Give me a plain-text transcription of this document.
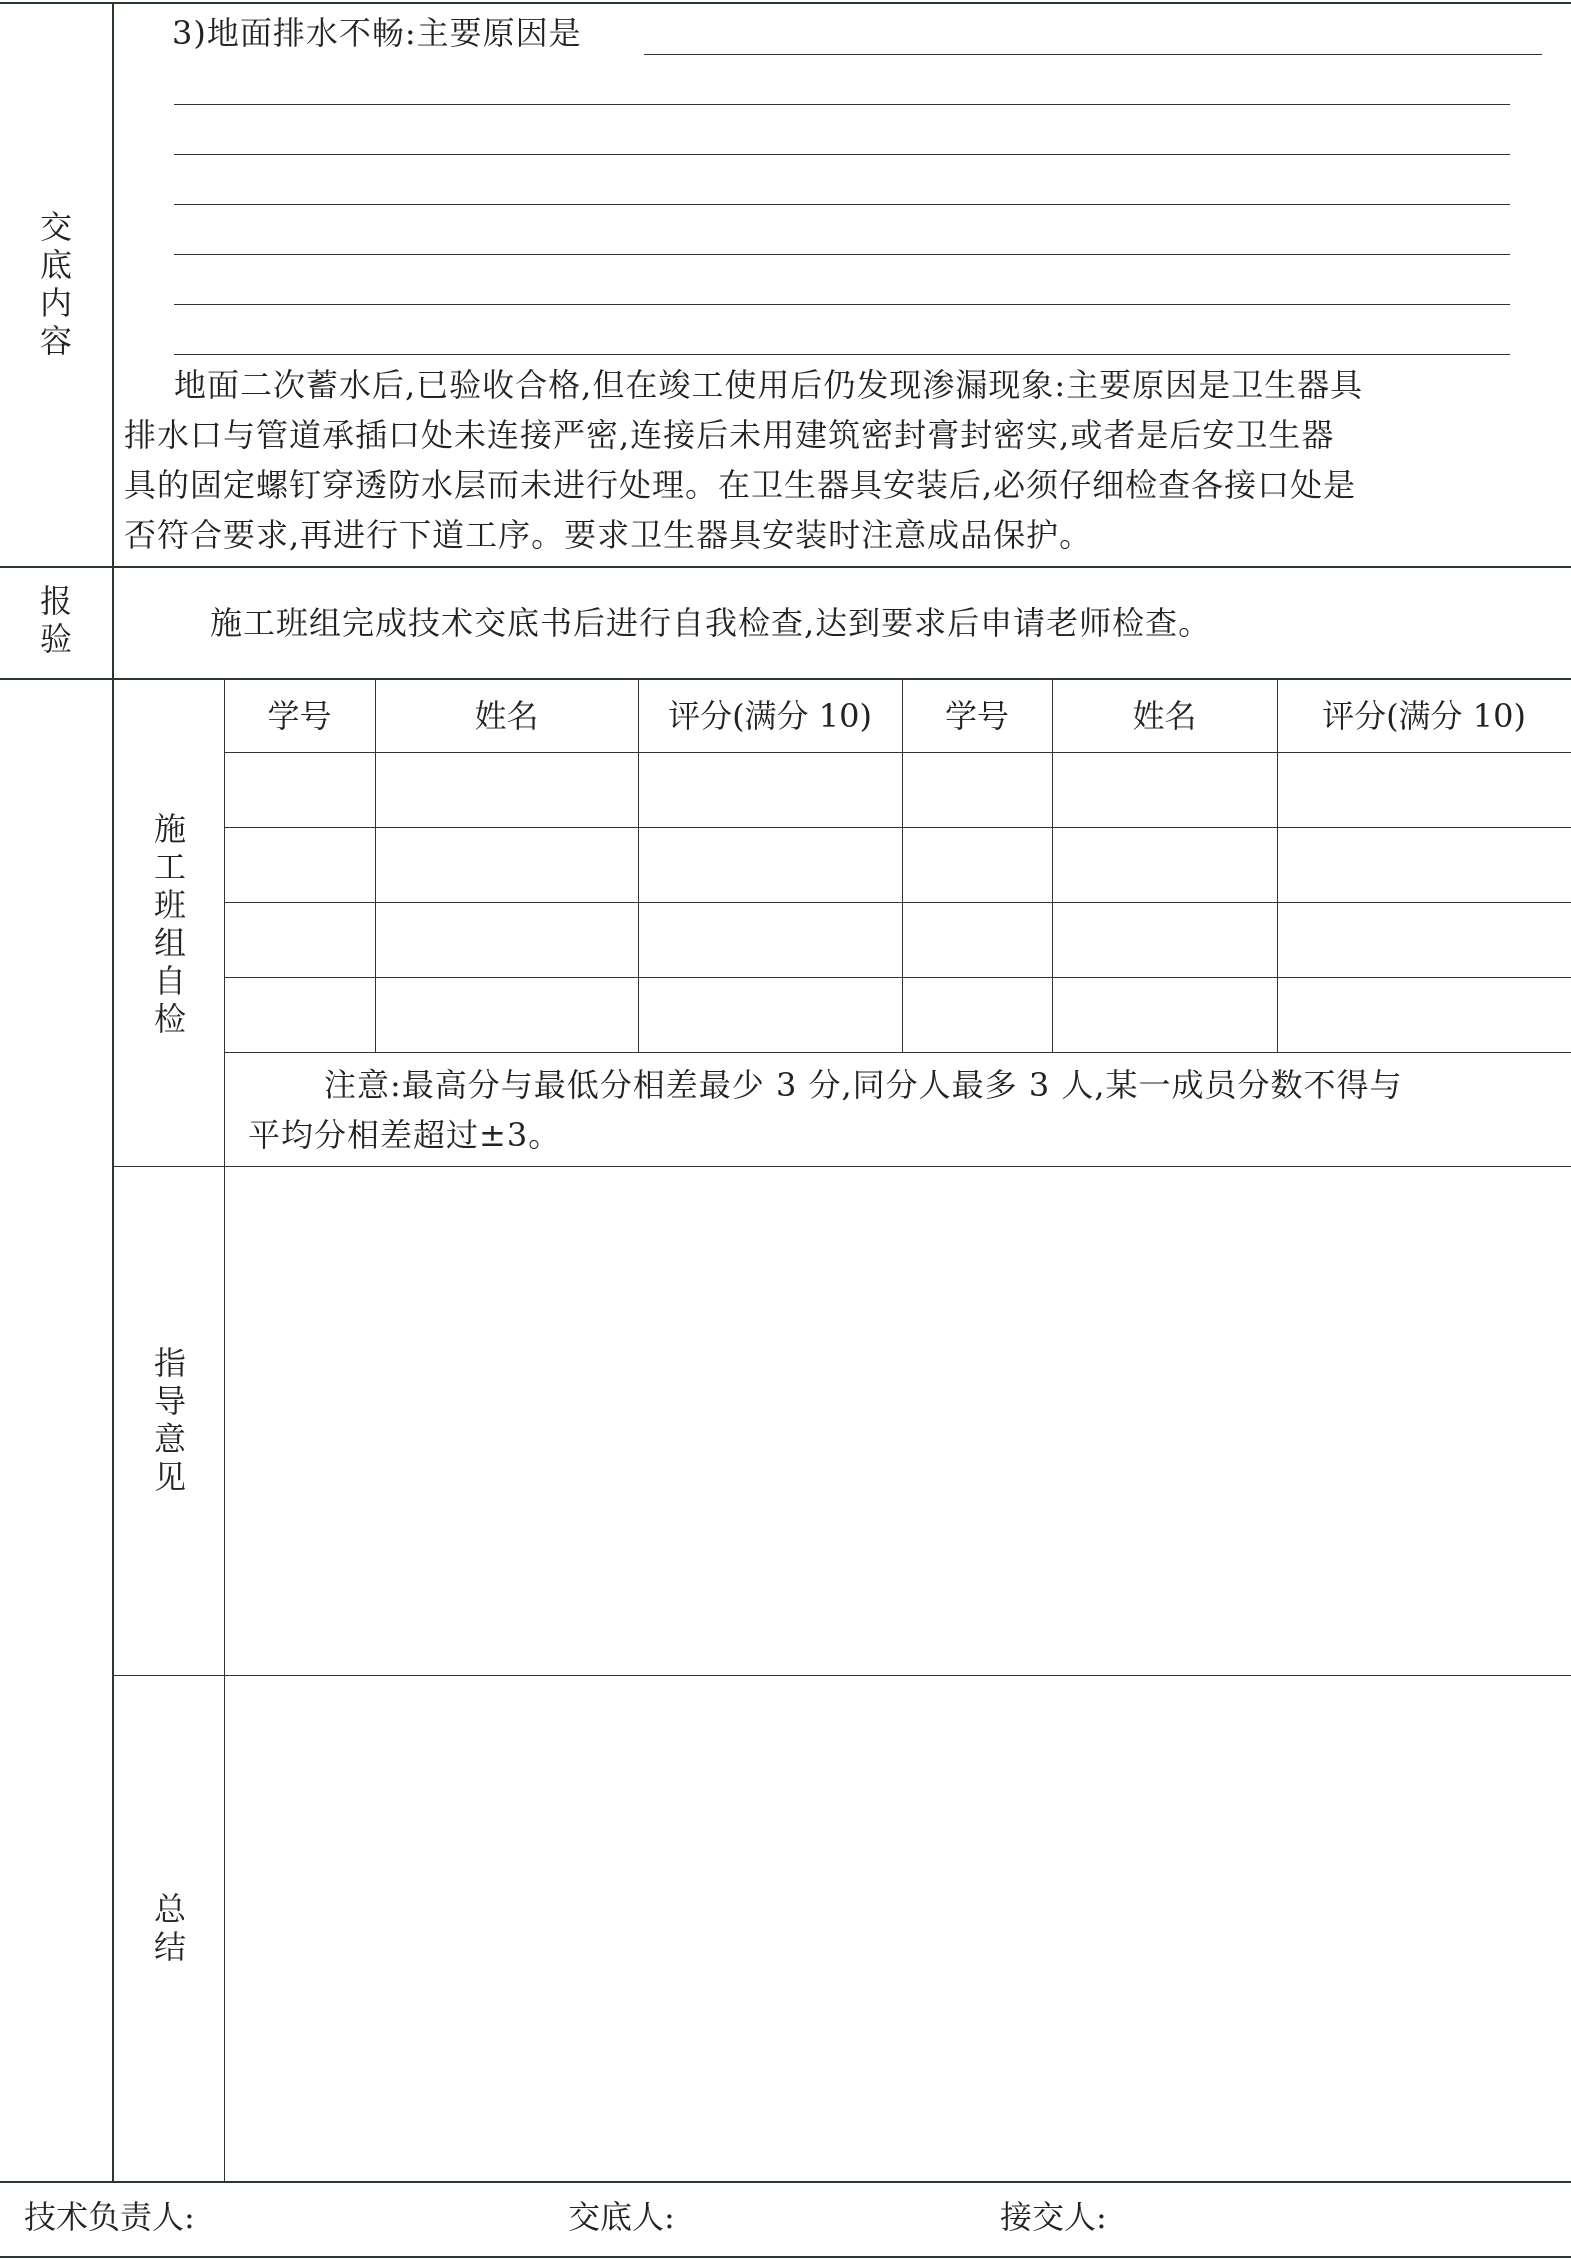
交底内容
3)地面排水不畅:主要原因是
地面二次蓄水后,已验收合格,但在竣工使用后仍发现渗漏现象:主要原因是卫生器具
排水口与管道承插口处未连接严密,连接后未用建筑密封膏封密实,或者是后安卫生器
具的固定螺钉穿透防水层而未进行处理。在卫生器具安装后,必须仔细检查各接口处是
否符合要求,再进行下道工序。要求卫生器具安装时注意成品保护。
报验	施工班组完成技术交底书后进行自我检查,达到要求后申请老师检查。
施工班组自检
学号	姓名	评分(满分 10)	学号	姓名	评分(满分 10)
注意:最高分与最低分相差最少 3 分,同分人最多 3 人,某一成员分数不得与
平均分相差超过±3。
指导意见
总结
技术负责人:	交底人:	接交人:
